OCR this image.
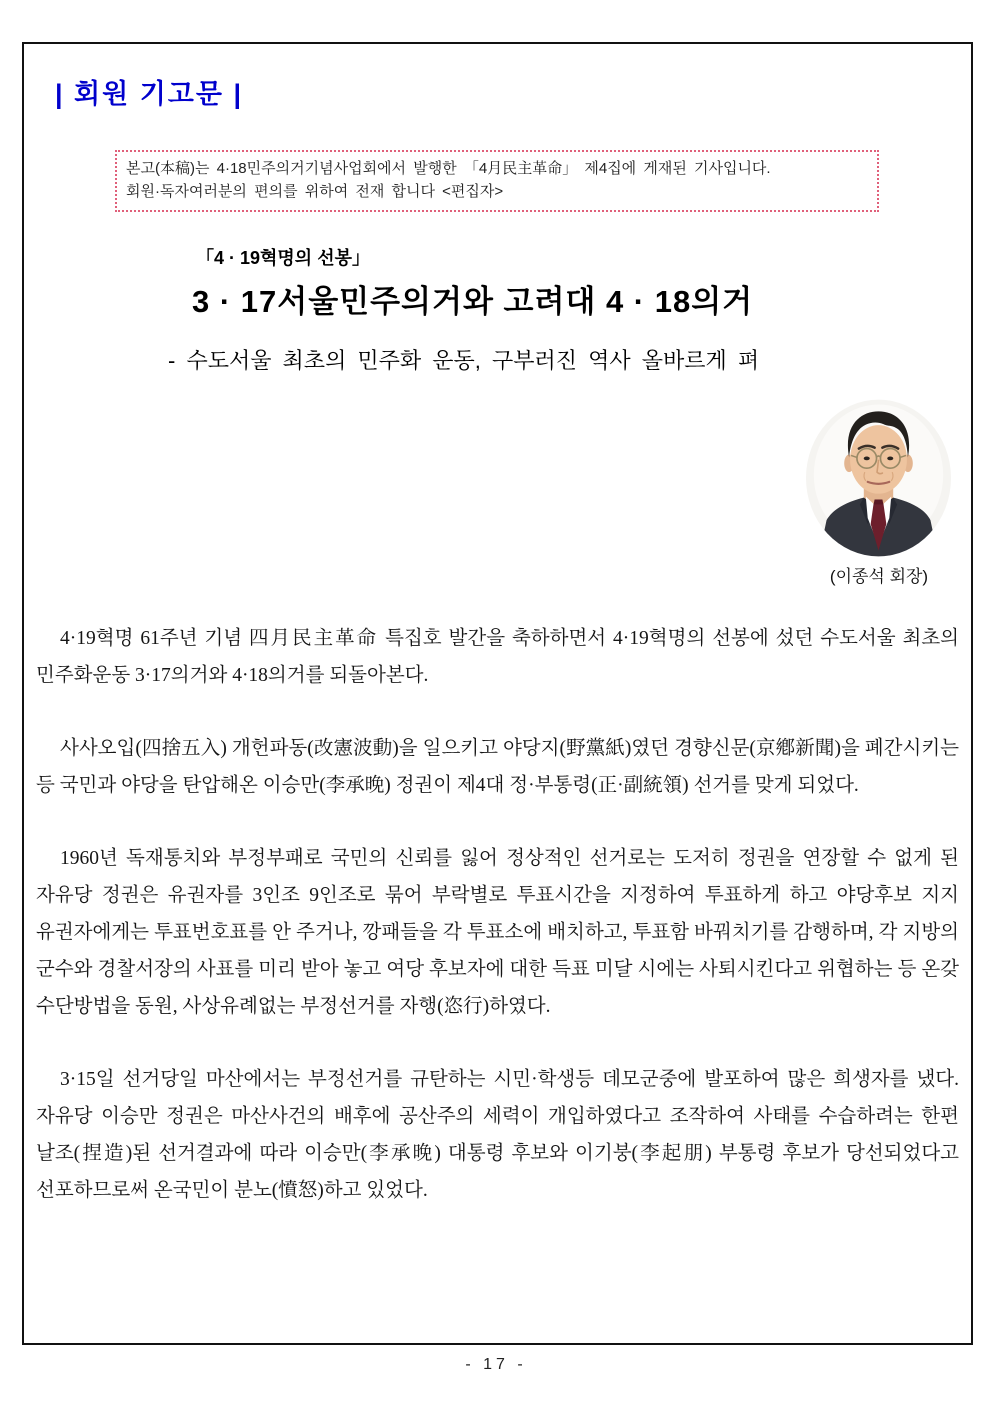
| 회원 기고문 |
본고(本稿)는 4·18민주의거기념사업회에서 발행한 「4月民主革命」 제4집에 게재된 기사입니다.
회원·독자여러분의 편의를 위하여 전재 합니다 <편집자>
「4 · 19혁명의 선봉」
3 · 17서울민주의거와 고려대 4 · 18의거
- 수도서울 최초의 민주화 운동, 구부러진 역사 올바르게 펴
(이종석 회장)

4·19혁명 61주년 기념 四月民主革命 특집호 발간을 축하하면서 4·19혁명의 선봉에 섰던 수도서울 최초의 민주화운동 3·17의거와 4·18의거를 되돌아본다.

사사오입(四捨五入) 개헌파동(改憲波動)을 일으키고 야당지(野黨紙)였던 경향신문(京鄕新聞)을 폐간시키는 등 국민과 야당을 탄압해온 이승만(李承晚) 정권이 제4대 정·부통령(正·副統領) 선거를 맞게 되었다.

1960년 독재통치와 부정부패로 국민의 신뢰를 잃어 정상적인 선거로는 도저히 정권을 연장할 수 없게 된 자유당 정권은 유권자를 3인조 9인조로 묶어 부락별로 투표시간을 지정하여 투표하게 하고 야당후보 지지 유권자에게는 투표번호표를 안 주거나, 깡패들을 각 투표소에 배치하고, 투표함 바꿔치기를 감행하며, 각 지방의 군수와 경찰서장의 사표를 미리 받아 놓고 여당 후보자에 대한 득표 미달 시에는 사퇴시킨다고 위협하는 등 온갖 수단방법을 동원, 사상유례없는 부정선거를 자행(恣行)하였다.

3·15일 선거당일 마산에서는 부정선거를 규탄하는 시민·학생등 데모군중에 발포하여 많은 희생자를 냈다. 자유당 이승만 정권은 마산사건의 배후에 공산주의 세력이 개입하였다고 조작하여 사태를 수습하려는 한편 날조(捏造)된 선거결과에 따라 이승만(李承晚) 대통령 후보와 이기붕(李起朋) 부통령 후보가 당선되었다고 선포하므로써 온국민이 분노(憤怒)하고 있었다.

- 17 -
